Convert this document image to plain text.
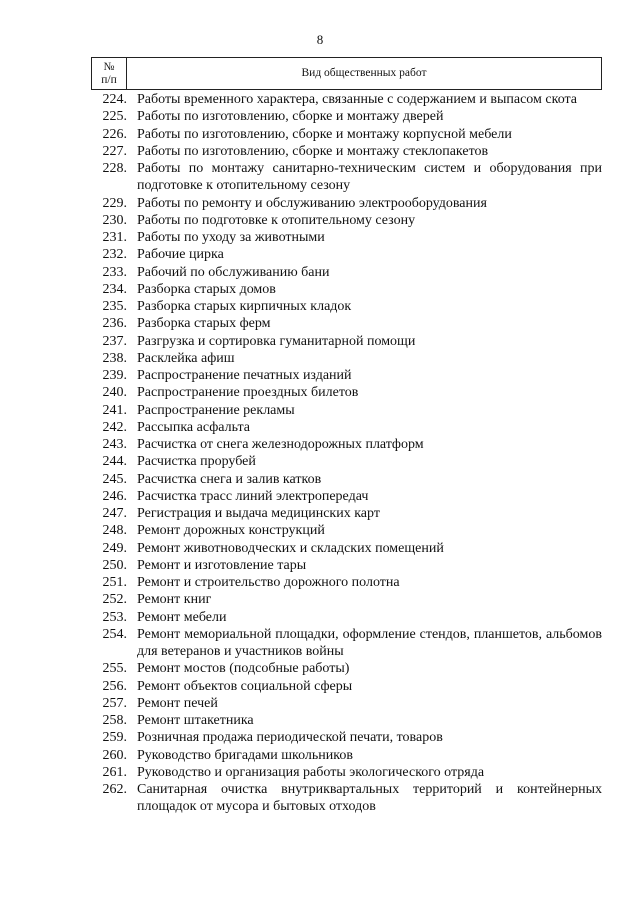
8
№
п/п
	Вид общественных работ
224. Работы временного характера, связанные с содержанием и выпасом скота
225. Работы по изготовлению, сборке и монтажу дверей
226. Работы по изготовлению, сборке и монтажу корпусной мебели
227. Работы по изготовлению, сборке и монтажу стеклопакетов
228. Работы по монтажу санитарно-техническим систем и оборудования при подготовке к отопительному сезону
229. Работы по ремонту и обслуживанию электрооборудования
230. Работы по подготовке к отопительному сезону
231. Работы по уходу за животными
232. Рабочие цирка
233. Рабочий по обслуживанию бани
234. Разборка старых домов
235. Разборка старых кирпичных кладок
236. Разборка старых ферм
237. Разгрузка и сортировка гуманитарной помощи
238. Расклейка афиш
239. Распространение печатных изданий
240. Распространение проездных билетов
241. Распространение рекламы
242. Рассыпка асфальта
243. Расчистка от снега железнодорожных платформ
244. Расчистка прорубей
245. Расчистка снега и залив катков
246. Расчистка трасс линий электропередач
247. Регистрация и выдача медицинских карт
248. Ремонт дорожных конструкций
249. Ремонт животноводческих и складских помещений
250. Ремонт и изготовление тары
251. Ремонт и строительство дорожного полотна
252. Ремонт книг
253. Ремонт мебели
254. Ремонт мемориальной площадки, оформление стендов, планшетов, альбомов для ветеранов и участников войны
255. Ремонт мостов (подсобные работы)
256. Ремонт объектов социальной сферы
257. Ремонт печей
258. Ремонт штакетника
259. Розничная продажа периодической печати, товаров
260. Руководство бригадами школьников
261. Руководство и организация работы экологического отряда
262. Санитарная очистка внутриквартальных территорий и контейнерных площадок от мусора и бытовых отходов
